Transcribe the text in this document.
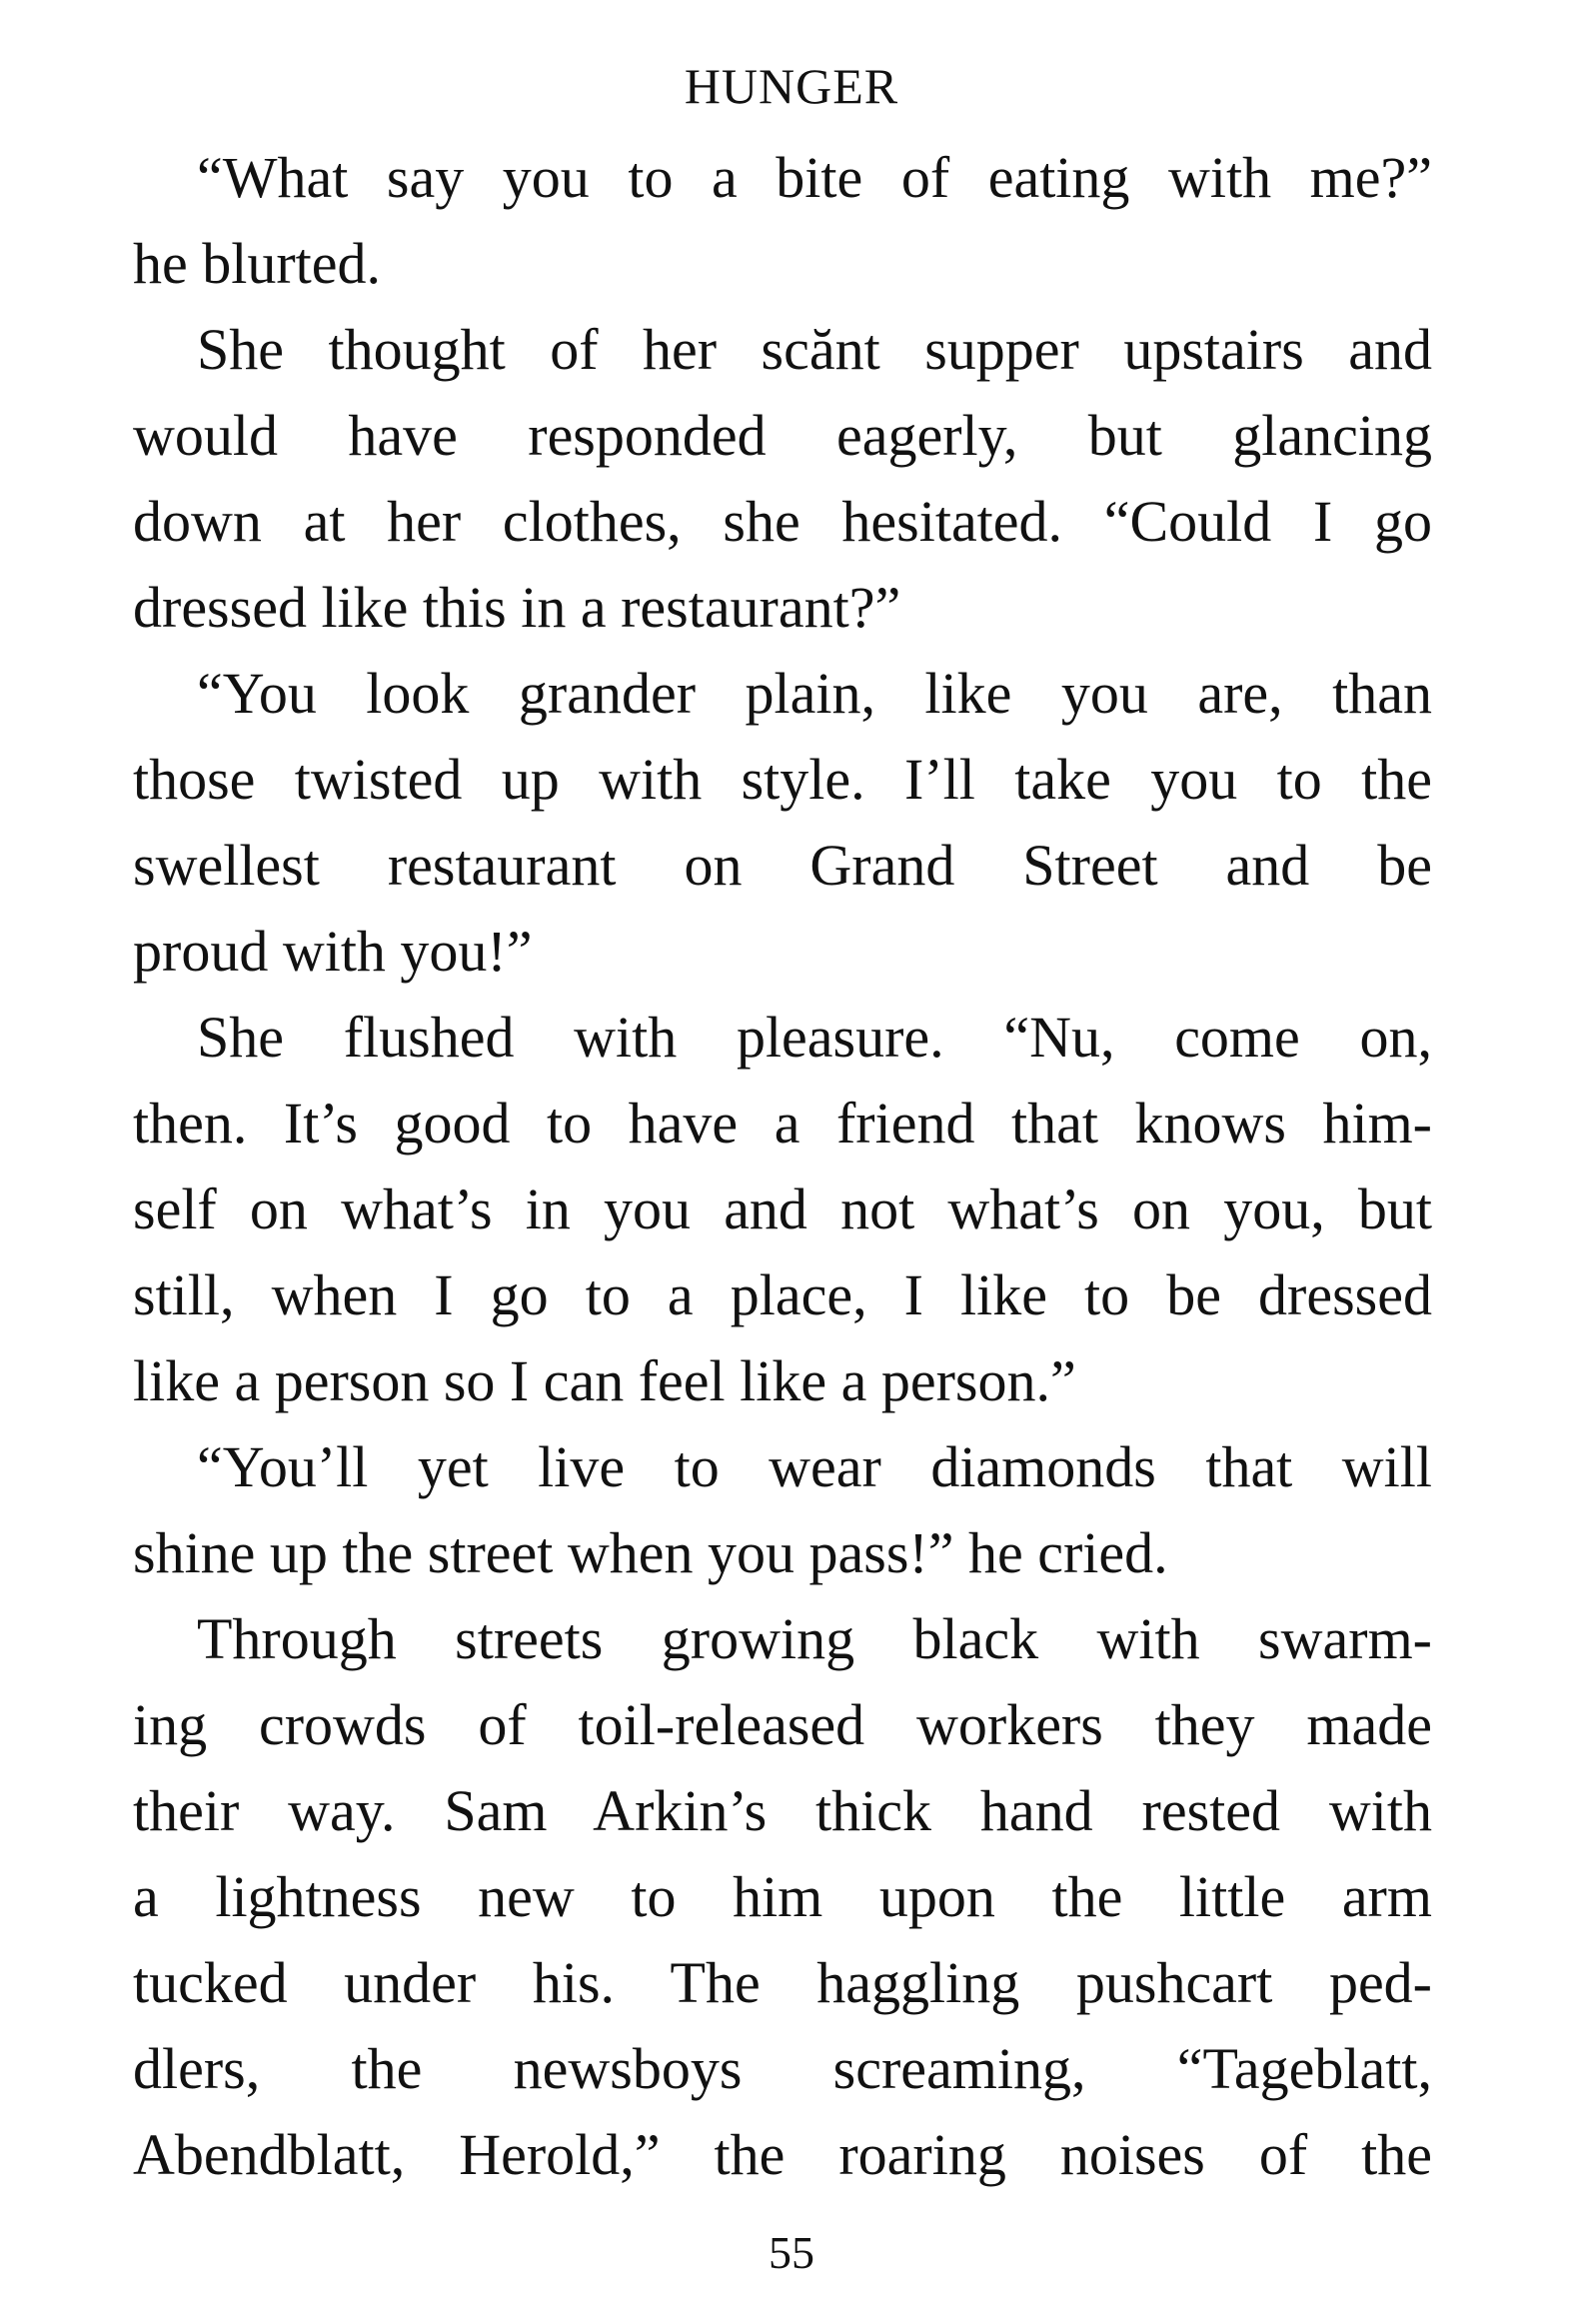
HUNGER
“What say you to a bite of eating with me?”
he blurted.
She thought of her scănt supper upstairs and
would have responded eagerly, but glancing
down at her clothes, she hesitated. “Could I go
dressed like this in a restaurant?”
“You look grander plain, like you are, than
those twisted up with style. I’ll take you to the
swellest restaurant on Grand Street and be
proud with you!”
She flushed with pleasure. “Nu, come on,
then. It’s good to have a friend that knows him-
self on what’s in you and not what’s on you, but
still, when I go to a place, I like to be dressed
like a person so I can feel like a person.”
“You’ll yet live to wear diamonds that will
shine up the street when you pass!” he cried.
Through streets growing black with swarm-
ing crowds of toil-released workers they made
their way. Sam Arkin’s thick hand rested with
a lightness new to him upon the little arm
tucked under his. The haggling pushcart ped-
dlers, the newsboys screaming, “Tageblatt,
Abendblatt, Herold,” the roaring noises of the
55
